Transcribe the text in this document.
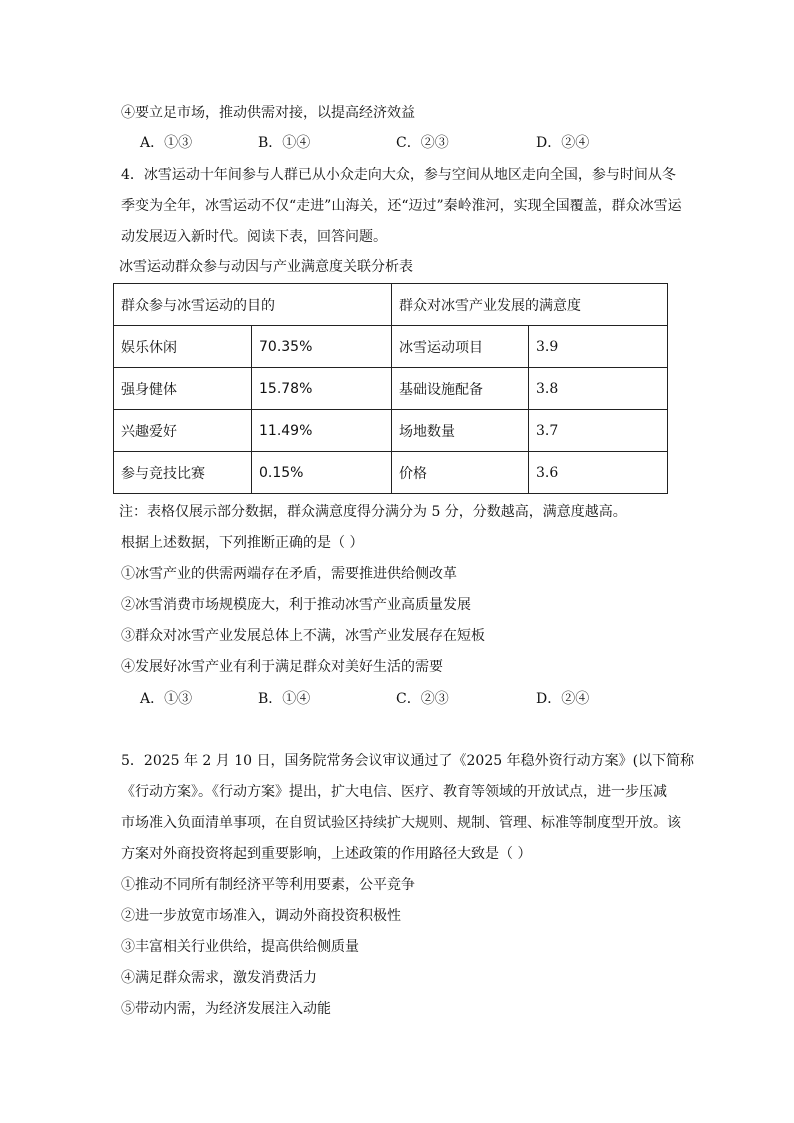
④要立足市场，推动供需对接，以提高经济效益
A．①③	B．①④	C．②③	D．②④
4．冰雪运动十年间参与人群已从小众走向大众，参与空间从地区走向全国，参与时间从冬
季变为全年，冰雪运动不仅“走进”山海关，还“迈过”秦岭淮河，实现全国覆盖，群众冰雪运
动发展迈入新时代。阅读下表，回答问题。
冰雪运动群众参与动因与产业满意度关联分析表
群众参与冰雪运动的目的		群众对冰雪产业发展的满意度	
娱乐休闲	70.35%	冰雪运动项目	3.9
强身健体	15.78%	基础设施配备	3.8
兴趣爱好	11.49%	场地数量	3.7
参与竞技比赛	0.15%	价格	3.6
注：表格仅展示部分数据，群众满意度得分满分为 5 分，分数越高，满意度越高。
根据上述数据，下列推断正确的是（ ）
①冰雪产业的供需两端存在矛盾，需要推进供给侧改革
②冰雪消费市场规模庞大，利于推动冰雪产业高质量发展
③群众对冰雪产业发展总体上不满，冰雪产业发展存在短板
④发展好冰雪产业有利于满足群众对美好生活的需要
A．①③	B．①④	C．②③	D．②④
5．2025 年 2 月 10 日，国务院常务会议审议通过了《2025 年稳外资行动方案》(以下简称
《行动方案》。《行动方案》提出，扩大电信、医疗、教育等领域的开放试点，进一步压减
市场准入负面清单事项，在自贸试验区持续扩大规则、规制、管理、标准等制度型开放。该
方案对外商投资将起到重要影响，上述政策的作用路径大致是（ ）
①推动不同所有制经济平等利用要素，公平竞争
②进一步放宽市场准入，调动外商投资积极性
③丰富相关行业供给，提高供给侧质量
④满足群众需求，激发消费活力
⑤带动内需，为经济发展注入动能
